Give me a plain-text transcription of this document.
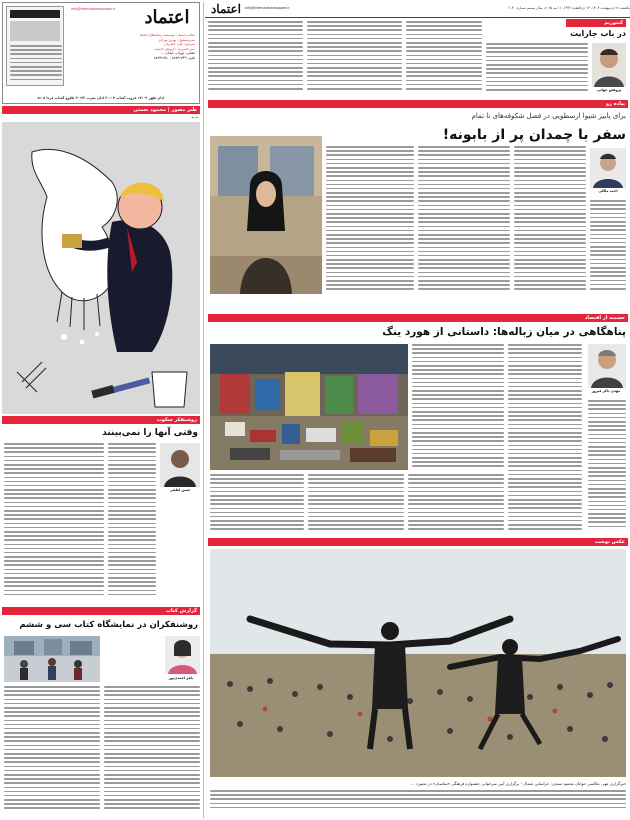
اعتماد Info@etemadnewspaper.ir	یکشنبه ۲۱ اردیبهشت ۱۴۰۴، ۱۳ ذی‌القعده ۱۴۴۶، ۱۱ مه ۲۰۲۵، سال بیستم شماره ۶۰۴۰
اعتماد
Info@etemadnewspaper.ir
صاحب امتیاز: موسسه رسانه‌های اعتماد
مدیرمسئول: بهروز بهزادی
سردبیر: علی خضریان
دبیر تحریریه: داریوش احمدی
نشانی: تهران، خیابان ...
تلفن: ۸۸۷۳۲۷۴۹ - ۸۸۷۳۲۷۵۰
اذان ظهر ۱۳:۰۲ غروب آفتاب ۲۰:۰۴ اذان مغرب ۲۰:۲۲ طلوع آفتاب فردا ۵:۰۸
طنز مصور | محمود نعمتی
به به
روشنفکر سکوت
وقتی آنها را نمی‌بینند
حسن لطفی
گزارش کتاب
روشنفکران در نمایشگاه کتاب سی و ششم
باقر احمدی‌پور
کنتوریم
در باب جارایت
پژوهش جهانی
پیاده رو
برای پاییز شیوا ارسطویی در فصل شکوفه‌های نا تمام
سفر با چمدان پر از بابونه!
احمد مالکی
حسینه از اقتصاد
پناهگاهی در میان زباله‌ها: داستانی از هورد ینگ
مهدی ذاکر فیروز
عکس نوشت
خبرگزاری مهر، عکاسی جوانان محمود سیدی: خراسانی شمال - برگزاری آیین سرخوانی جشنواره فرهنگی «ساسان» در بجنورد ...
